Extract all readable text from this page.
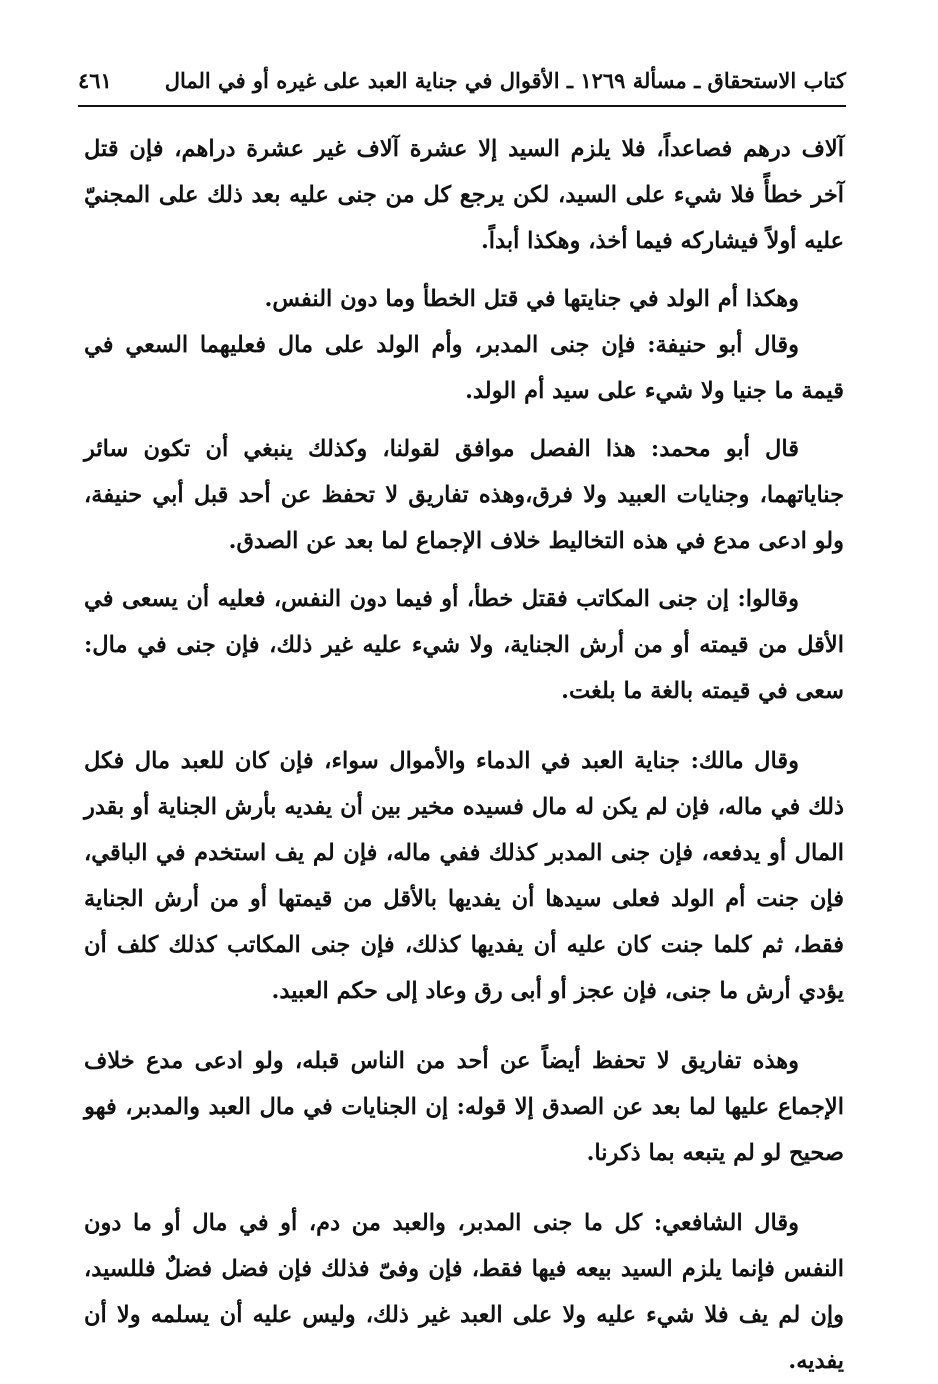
كتاب الاستحقاق ـ مسألة ١٢٦٩ ـ الأقوال في جناية العبد على غيره أو في المال
٤٦١

آلاف درهم فصاعداً، فلا يلزم السيد إلا عشرة آلاف غير عشرة دراهم، فإن قتل آخر خطأً فلا شيء على السيد، لكن يرجع كل من جنى عليه بعد ذلك على المجنيّ عليه أولاً فيشاركه فيما أخذ، وهكذا أبداً.

وهكذا أم الولد في جنايتها في قتل الخطأ وما دون النفس.

وقال أبو حنيفة: فإن جنى المدبر، وأم الولد على مال فعليهما السعي في قيمة ما جنيا ولا شيء على سيد أم الولد.

قال أبو محمد: هذا الفصل موافق لقولنا، وكذلك ينبغي أن تكون سائر جناياتهما، وجنايات العبيد ولا فرق،وهذه تفاريق لا تحفظ عن أحد قبل أبي حنيفة، ولو ادعى مدع في هذه التخاليط خلاف الإجماع لما بعد عن الصدق.

وقالوا: إن جنى المكاتب فقتل خطأ، أو فيما دون النفس، فعليه أن يسعى في الأقل من قيمته أو من أرش الجناية، ولا شيء عليه غير ذلك، فإن جنى في مال: سعى في قيمته بالغة ما بلغت.

وقال مالك: جناية العبد في الدماء والأموال سواء، فإن كان للعبد مال فكل ذلك في ماله، فإن لم يكن له مال فسيده مخير بين أن يفديه بأرش الجناية أو بقدر المال أو يدفعه، فإن جنى المدبر كذلك ففي ماله، فإن لم يف استخدم في الباقي، فإن جنت أم الولد فعلى سيدها أن يفديها بالأقل من قيمتها أو من أرش الجناية فقط، ثم كلما جنت كان عليه أن يفديها كذلك، فإن جنى المكاتب كذلك كلف أن يؤدي أرش ما جنى، فإن عجز أو أبى رق وعاد إلى حكم العبيد.

وهذه تفاريق لا تحفظ أيضاً عن أحد من الناس قبله، ولو ادعى مدع خلاف الإجماع عليها لما بعد عن الصدق إلا قوله: إن الجنايات في مال العبد والمدبر، فهو صحيح لو لم يتبعه بما ذكرنا.

وقال الشافعي: كل ما جنى المدبر، والعبد من دم، أو في مال أو ما دون النفس فإنما يلزم السيد بيعه فيها فقط، فإن وفىّ فذلك فإن فضل فضلٌ فللسيد، وإن لم يف فلا شيء عليه ولا على العبد غير ذلك، وليس عليه أن يسلمه ولا أن يفديه.
